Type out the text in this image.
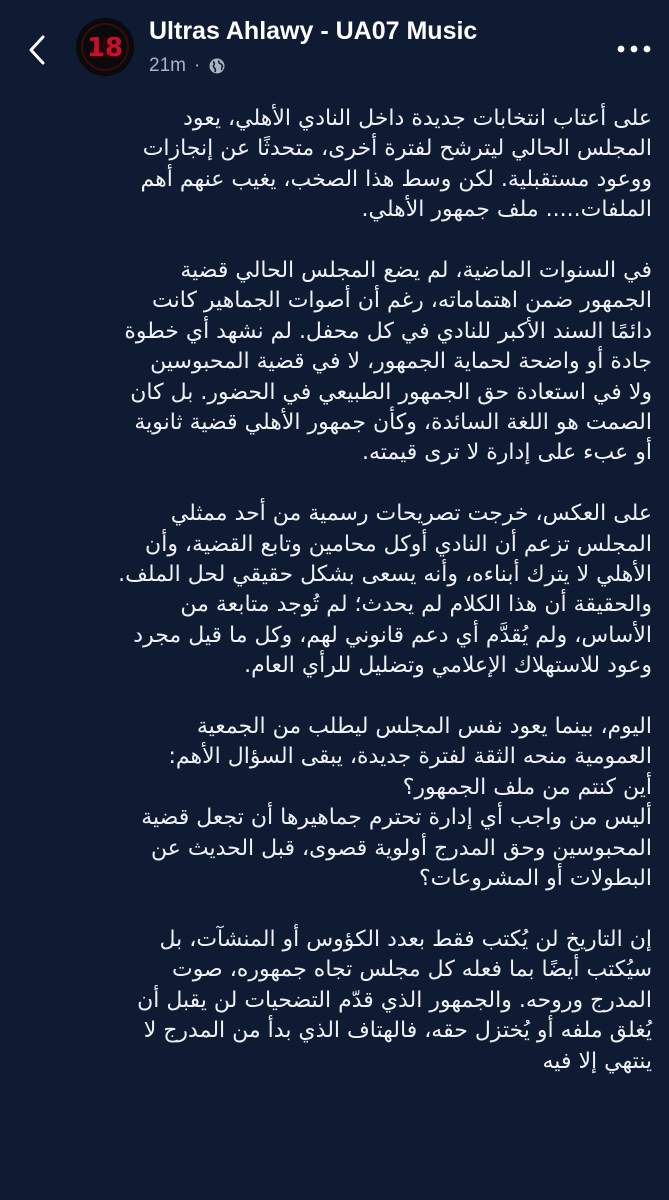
18
Ultras Ahlawy - UA07 Music
21m ·

على أعتاب انتخابات جديدة داخل النادي الأهلي، يعود
المجلس الحالي ليترشح لفترة أخرى، متحدثًا عن إنجازات
ووعود مستقبلية. لكن وسط هذا الصخب، يغيب عنهم أهم
الملفات..... ملف جمهور الأهلي.

في السنوات الماضية، لم يضع المجلس الحالي قضية
الجمهور ضمن اهتماماته، رغم أن أصوات الجماهير كانت
دائمًا السند الأكبر للنادي في كل محفل. لم نشهد أي خطوة
جادة أو واضحة لحماية الجمهور، لا في قضية المحبوسين
ولا في استعادة حق الجمهور الطبيعي في الحضور. بل كان
الصمت هو اللغة السائدة، وكأن جمهور الأهلي قضية ثانوية
أو عبء على إدارة لا ترى قيمته.

على العكس، خرجت تصريحات رسمية من أحد ممثلي
المجلس تزعم أن النادي أوكل محامين وتابع القضية، وأن
الأهلي لا يترك أبناءه، وأنه يسعى بشكل حقيقي لحل الملف.
والحقيقة أن هذا الكلام لم يحدث؛ لم تُوجد متابعة من
الأساس، ولم يُقدَّم أي دعم قانوني لهم، وكل ما قيل مجرد
وعود للاستهلاك الإعلامي وتضليل للرأي العام.

اليوم، بينما يعود نفس المجلس ليطلب من الجمعية
العمومية منحه الثقة لفترة جديدة، يبقى السؤال الأهم:
أين كنتم من ملف الجمهور؟
أليس من واجب أي إدارة تحترم جماهيرها أن تجعل قضية
المحبوسين وحق المدرج أولوية قصوى، قبل الحديث عن
البطولات أو المشروعات؟

إن التاريخ لن يُكتب فقط بعدد الكؤوس أو المنشآت، بل
سيُكتب أيضًا بما فعله كل مجلس تجاه جمهوره، صوت
المدرج وروحه. والجمهور الذي قدّم التضحيات لن يقبل أن
يُغلق ملفه أو يُختزل حقه، فالهتاف الذي بدأ من المدرج لا
ينتهي إلا فيه
